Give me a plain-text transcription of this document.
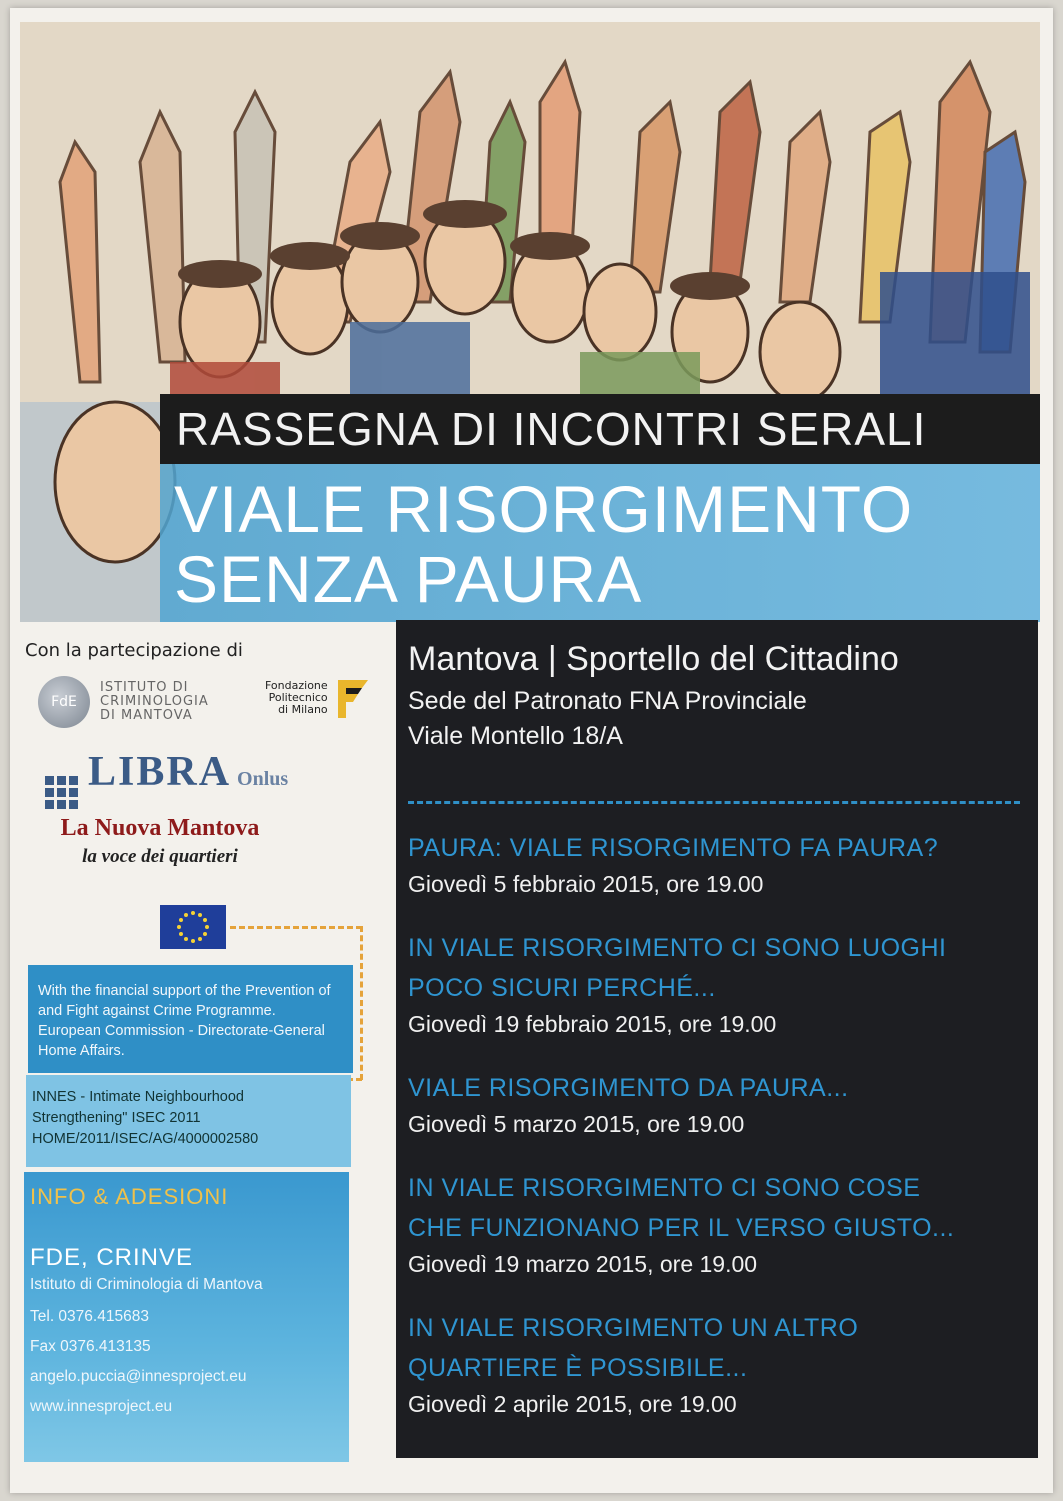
RASSEGNA DI INCONTRI SERALI
VIALE RISORGIMENTO
SENZA PAURA
Con la partecipazione di
FdE
ISTITUTO DI
CRIMINOLOGIA
DI MANTOVA
Fondazione
Politecnico
di Milano
LIBRA Onlus
La Nuova Mantova
la voce dei quartieri
With the financial support of the Prevention of and Fight against Crime Programme. European Commission - Directorate-General Home Affairs.
INNES - Intimate Neighbourhood Strengthening" ISEC 2011 HOME/2011/ISEC/AG/4000002580
INFO & ADESIONI
FDE, CRINVE
Istituto di Criminologia di Mantova
Tel. 0376.415683
Fax 0376.413135
angelo.puccia@innesproject.eu
www.innesproject.eu
Mantova | Sportello del Cittadino
Sede del Patronato FNA Provinciale
Viale Montello 18/A
PAURA: VIALE RISORGIMENTO FA PAURA?
Giovedì 5 febbraio 2015, ore 19.00
IN VIALE RISORGIMENTO CI SONO LUOGHI
POCO SICURI PERCHÉ...
Giovedì 19 febbraio 2015, ore 19.00
VIALE RISORGIMENTO DA PAURA...
Giovedì 5 marzo 2015, ore 19.00
IN VIALE RISORGIMENTO CI SONO COSE
CHE FUNZIONANO PER IL VERSO GIUSTO...
Giovedì 19 marzo 2015, ore 19.00
IN VIALE RISORGIMENTO UN ALTRO
QUARTIERE È POSSIBILE...
Giovedì 2 aprile 2015, ore 19.00
